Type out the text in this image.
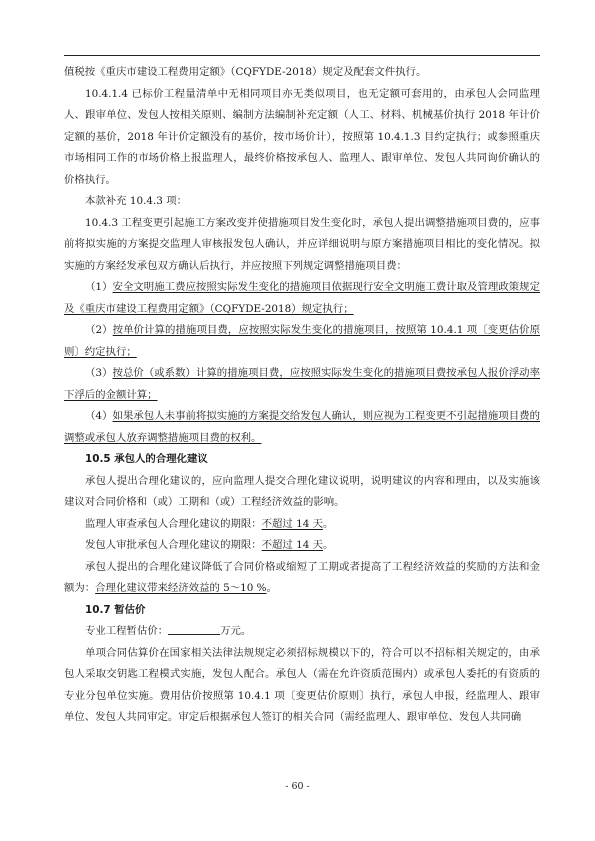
值税按《重庆市建设工程费用定额》（CQFYDE-2018）规定及配套文件执行。

10.4.1.4 已标价工程量清单中无相同项目亦无类似项目，也无定额可套用的，由承包人会同监理人、跟审单位、发包人按相关原则、编制方法编制补充定额（人工、材料、机械基价执行 2018 年计价定额的基价，2018 年计价定额没有的基价，按市场价计），按照第 10.4.1.3 目约定执行；或参照重庆市场相同工作的市场价格上报监理人，最终价格按承包人、监理人、跟审单位、发包人共同询价确认的价格执行。

本款补充 10.4.3 项：

10.4.3 工程变更引起施工方案改变并使措施项目发生变化时，承包人提出调整措施项目费的，应事前将拟实施的方案提交监理人审核报发包人确认，并应详细说明与原方案措施项目相比的变化情况。拟实施的方案经发承包双方确认后执行，并应按照下列规定调整措施项目费：

（1）安全文明施工费应按照实际发生变化的措施项目依据现行安全文明施工费计取及管理政策规定及《重庆市建设工程费用定额》（CQFYDE-2018）规定执行；

（2）按单价计算的措施项目费，应按照实际发生变化的措施项目，按照第 10.4.1 项〔变更估价原则〕约定执行；

（3）按总价（或系数）计算的措施项目费，应按照实际发生变化的措施项目费按承包人报价浮动率下浮后的金额计算；

（4）如果承包人未事前将拟实施的方案提交给发包人确认，则应视为工程变更不引起措施项目费的调整或承包人放弃调整措施项目费的权利。

10.5 承包人的合理化建议

承包人提出合理化建议的，应向监理人提交合理化建议说明，说明建议的内容和理由，以及实施该建议对合同价格和（或）工期和（或）工程经济效益的影响。

监理人审查承包人合理化建议的期限：不超过 14 天。

发包人审批承包人合理化建议的期限：不超过 14 天。

承包人提出的合理化建议降低了合同价格或缩短了工期或者提高了工程经济效益的奖励的方法和金额为：合理化建议带来经济效益的 5～10 %。

10.7 暂估价

专业工程暂估价：	万元。

单项合同估算价在国家相关法律法规规定必须招标规模以下的，符合可以不招标相关规定的，由承包人采取交钥匙工程模式实施，发包人配合。承包人（需在允许资质范围内）或承包人委托的有资质的专业分包单位实施。费用估价按照第 10.4.1 项〔变更估价原则〕执行，承包人申报，经监理人、跟审单位、发包人共同审定。审定后根据承包人签订的相关合同（需经监理人、跟审单位、发包人共同确

- 60 -
